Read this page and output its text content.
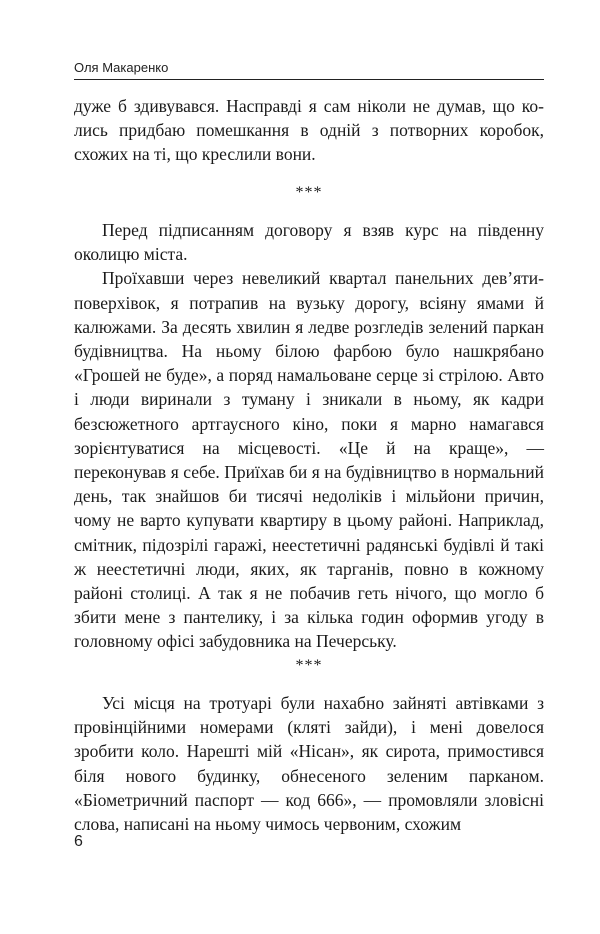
Оля Макаренко

дуже б здивувався. Насправді я сам ніколи не думав, що ко-лись придбаю помешкання в одній з потворних коробок, схожих на ті, що креслили вони.

***

Перед підписанням договору я взяв курс на південну околицю міста.

Проїхавши через невеликий квартал панельних дев’яти-поверхівок, я потрапив на вузьку дорогу, всіяну ямами й калюжами. За десять хвилин я ледве розгледів зелений паркан будівництва. На ньому білою фарбою було нашкрябано «Грошей не буде», а поряд намальоване серце зі стрілою. Авто і люди виринали з туману і зникали в ньому, як кадри безсюжетного артгаусного кіно, поки я марно намагався зорієнтуватися на місцевості. «Це й на краще», — переконував я себе. Приїхав би я на будівництво в нормальний день, так знайшов би тисячі недоліків і мільйони причин, чому не варто купувати квартиру в цьому районі. Наприклад, смітник, підозрілі гаражі, неестетичні радянські будівлі й такі ж неестетичні люди, яких, як тарганів, повно в кожному районі столиці. А так я не побачив геть нічого, що могло б збити мене з пантелику, і за кілька годин оформив угоду в головному офісі забудовника на Печерську.

***

Усі місця на тротуарі були нахабно зайняті автівками з провінційними номерами (кляті зайди), і мені довелося зробити коло. Нарешті мій «Нісан», як сирота, примостився біля нового будинку, обнесеного зеленим парканом. «Біометричний паспорт — код 666», — промовляли зловісні слова, написані на ньому чимось червоним, схожим

6
